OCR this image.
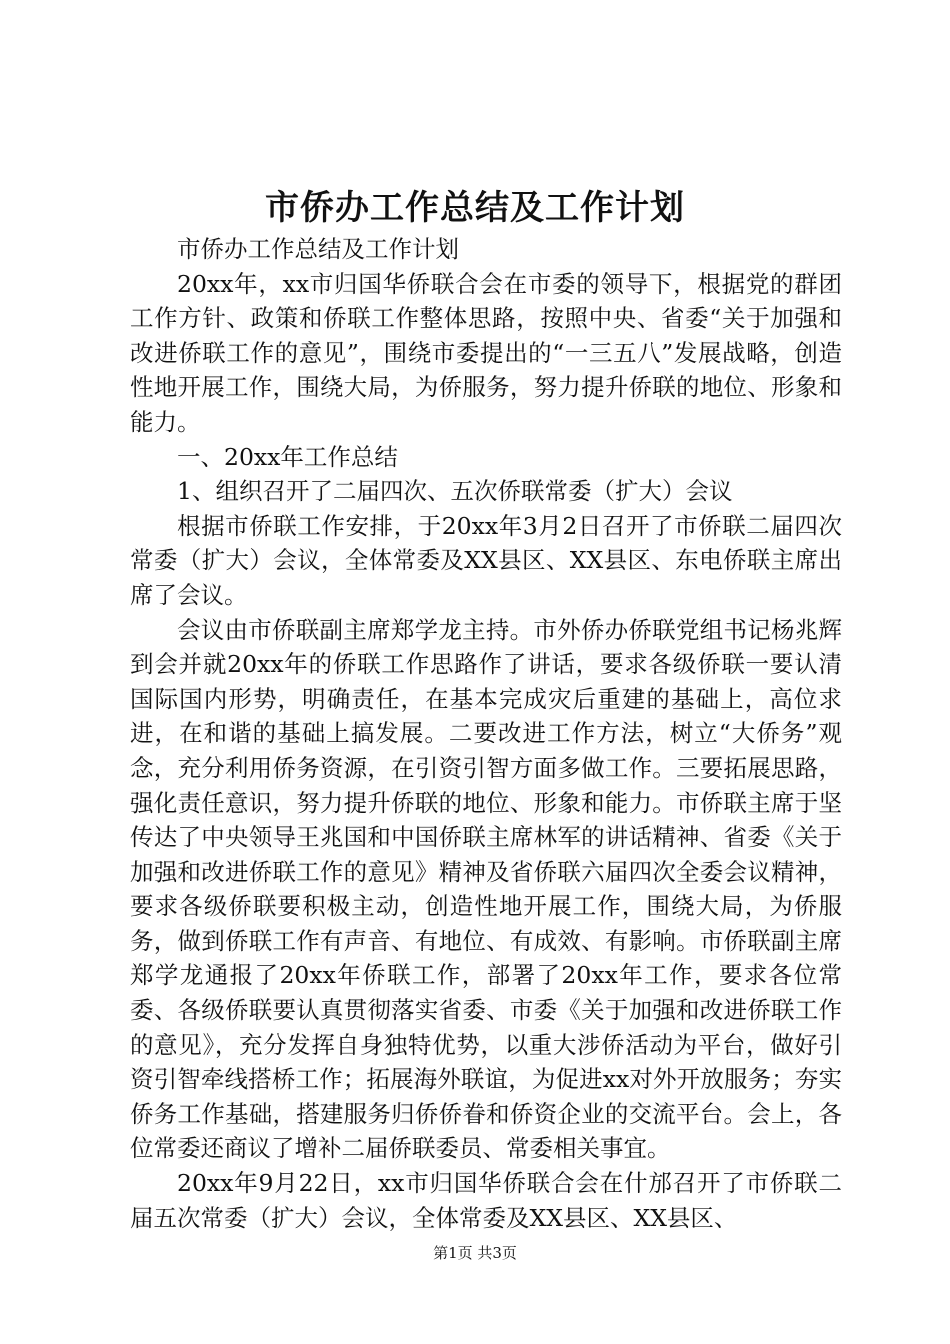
市侨办工作总结及工作计划

市侨办工作总结及工作计划

20xx年，xx市归国华侨联合会在市委的领导下，根据党的群团工作方针、政策和侨联工作整体思路，按照中央、省委“关于加强和改进侨联工作的意见”，围绕市委提出的“一三五八”发展战略，创造性地开展工作，围绕大局，为侨服务，努力提升侨联的地位、形象和能力。

一、20xx年工作总结

1、组织召开了二届四次、五次侨联常委（扩大）会议

根据市侨联工作安排，于20xx年3月2日召开了市侨联二届四次常委（扩大）会议，全体常委及XX县区、XX县区、东电侨联主席出席了会议。

会议由市侨联副主席郑学龙主持。市外侨办侨联党组书记杨兆辉到会并就20xx年的侨联工作思路作了讲话，要求各级侨联一要认清国际国内形势，明确责任，在基本完成灾后重建的基础上，高位求进，在和谐的基础上搞发展。二要改进工作方法，树立“大侨务”观念，充分利用侨务资源，在引资引智方面多做工作。三要拓展思路，强化责任意识，努力提升侨联的地位、形象和能力。市侨联主席于坚传达了中央领导王兆国和中国侨联主席林军的讲话精神、省委《关于加强和改进侨联工作的意见》精神及省侨联六届四次全委会议精神，要求各级侨联要积极主动，创造性地开展工作，围绕大局，为侨服务，做到侨联工作有声音、有地位、有成效、有影响。市侨联副主席郑学龙通报了20xx年侨联工作，部署了20xx年工作，要求各位常委、各级侨联要认真贯彻落实省委、市委《关于加强和改进侨联工作的意见》，充分发挥自身独特优势，以重大涉侨活动为平台，做好引资引智牵线搭桥工作；拓展海外联谊，为促进xx对外开放服务；夯实侨务工作基础，搭建服务归侨侨眷和侨资企业的交流平台。会上，各位常委还商议了增补二届侨联委员、常委相关事宜。

20xx年9月22日，xx市归国华侨联合会在什邡召开了市侨联二届五次常委（扩大）会议，全体常委及XX县区、XX县区、

第1页 共3页
